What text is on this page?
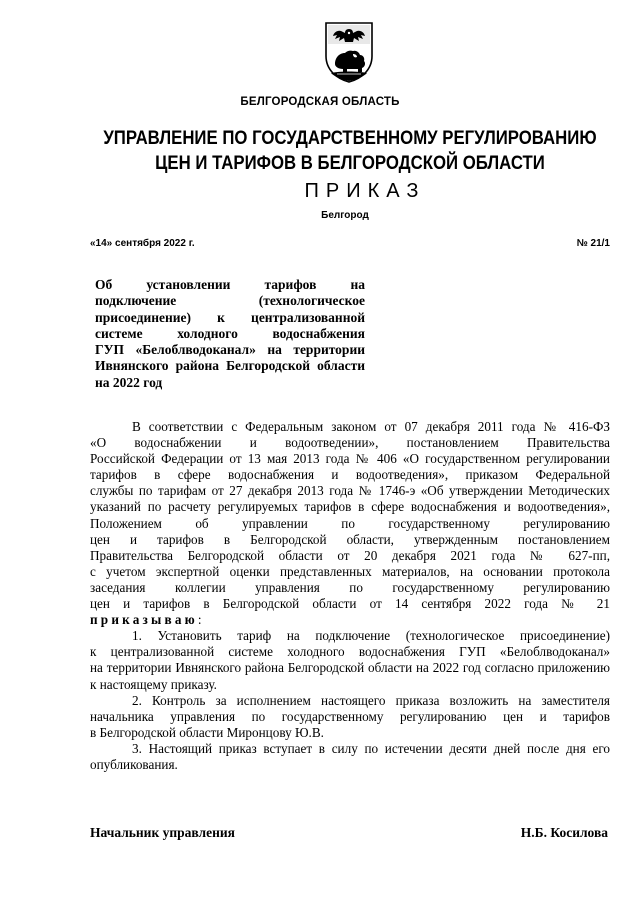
БЕЛГОРОДСКАЯ ОБЛАСТЬ
УПРАВЛЕНИЕ ПО ГОСУДАРСТВЕННОМУ РЕГУЛИРОВАНИЮ
ЦЕН И ТАРИФОВ В БЕЛГОРОДСКОЙ ОБЛАСТИ
ПРИКАЗ
Белгород
«14» сентября 2022 г.	№ 21/1
Об установлении тарифов на
подключение (технологическое
присоединение) к централизованной
системе холодного водоснабжения
ГУП «Белоблводоканал» на территории
Ивнянского района Белгородской области
на 2022 год
В соответствии с Федеральным законом от 07 декабря 2011 года № 416-ФЗ
«О водоснабжении и водоотведении», постановлением Правительства
Российской Федерации от 13 мая 2013 года № 406 «О государственном регулировании
тарифов в сфере водоснабжения и водоотведения», приказом Федеральной
службы по тарифам от 27 декабря 2013 года № 1746-э «Об утверждении Методических
указаний по расчету регулируемых тарифов в сфере водоснабжения и водоотведения»,
Положением об управлении по государственному регулированию
цен и тарифов в Белгородской области, утвержденным постановлением
Правительства Белгородской области от 20 декабря 2021 года № 627-пп,
с учетом экспертной оценки представленных материалов, на основании протокола
заседания коллегии управления по государственному регулированию
цен и тарифов в Белгородской области от 14 сентября 2022 года № 21
приказываю:
1. Установить тариф на подключение (технологическое присоединение)
к централизованной системе холодного водоснабжения ГУП «Белоблводоканал»
на территории Ивнянского района Белгородской области на 2022 год согласно приложению
к настоящему приказу.
2. Контроль за исполнением настоящего приказа возложить на заместителя
начальника управления по государственному регулированию цен и тарифов
в Белгородской области Миронцову Ю.В.
3. Настоящий приказ вступает в силу по истечении десяти дней после дня его
опубликования.
Начальник управления	Н.Б. Косилова
